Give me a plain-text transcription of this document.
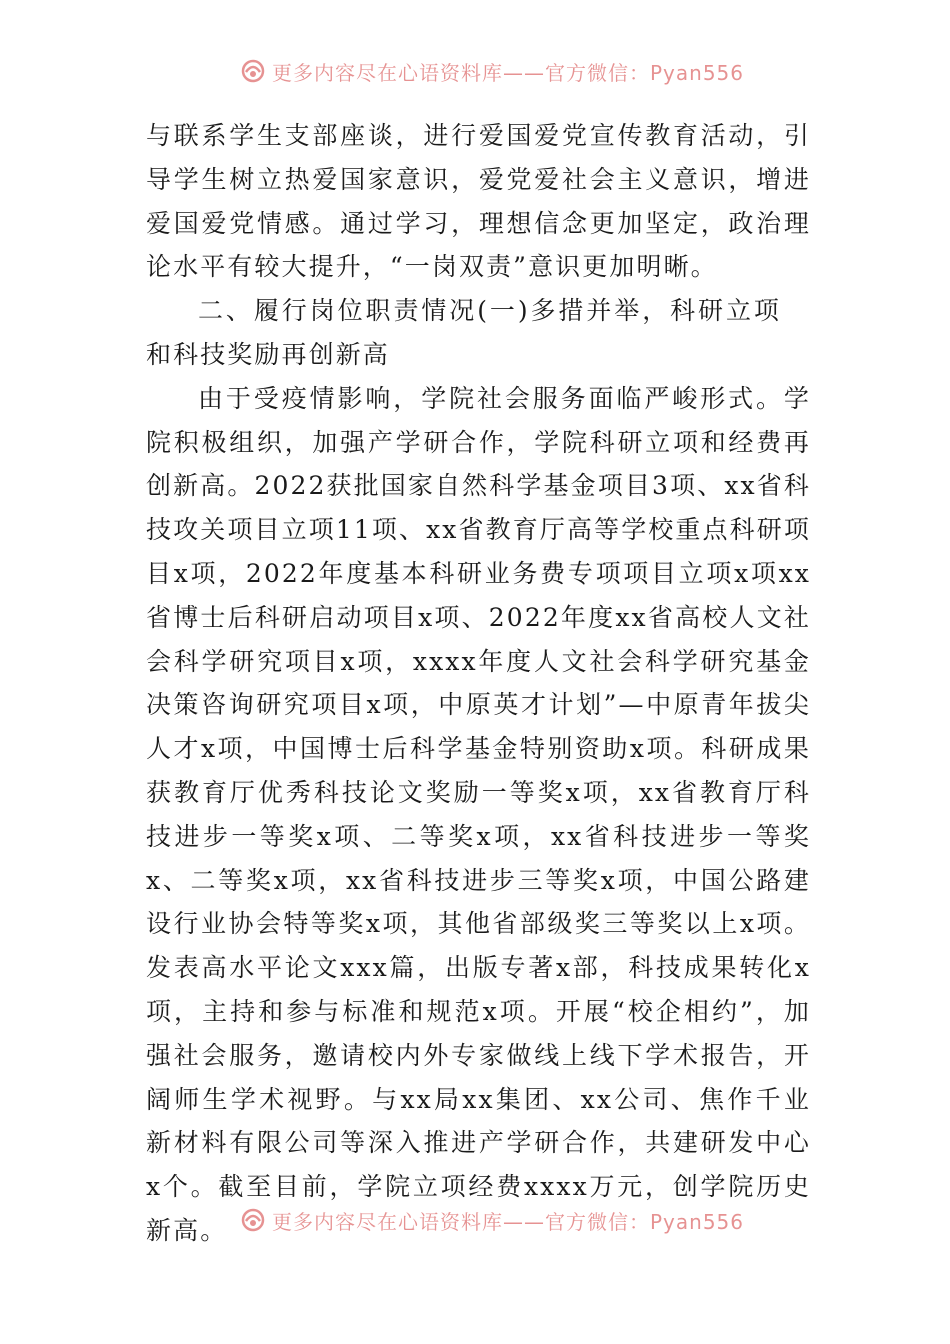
更多内容尽在心语资料库——官方微信：Pyan556

与联系学生支部座谈，进行爱国爱党宣传教育活动，引导学生树立热爱国家意识，爱党爱社会主义意识，增进爱国爱党情感。通过学习，理想信念更加坚定，政治理论水平有较大提升，“一岗双责”意识更加明晰。

二、履行岗位职责情况(一)多措并举，科研立项和科技奖励再创新高

由于受疫情影响，学院社会服务面临严峻形式。学院积极组织，加强产学研合作，学院科研立项和经费再创新高。2022获批国家自然科学基金项目3项、xx省科技攻关项目立项11项、xx省教育厅高等学校重点科研项目x项，2022年度基本科研业务费专项项目立项x项xx省博士后科研启动项目x项、2022年度xx省高校人文社会科学研究项目x项，xxxx年度人文社会科学研究基金决策咨询研究项目x项，中原英才计划”—中原青年拔尖人才x项，中国博士后科学基金特别资助x项。科研成果获教育厅优秀科技论文奖励一等奖x项，xx省教育厅科技进步一等奖x项、二等奖x项，xx省科技进步一等奖x、二等奖x项，xx省科技进步三等奖x项，中国公路建设行业协会特等奖x项，其他省部级奖三等奖以上x项。发表高水平论文xxx篇，出版专著x部，科技成果转化x项，主持和参与标准和规范x项。开展“校企相约”，加强社会服务，邀请校内外专家做线上线下学术报告，开阔师生学术视野。与xx局xx集团、xx公司、焦作千业新材料有限公司等深入推进产学研合作，共建研发中心x个。截至目前，学院立项经费xxxx万元，创学院历史新高。	更多内容尽在心语资料库——官方微信：Pyan556
